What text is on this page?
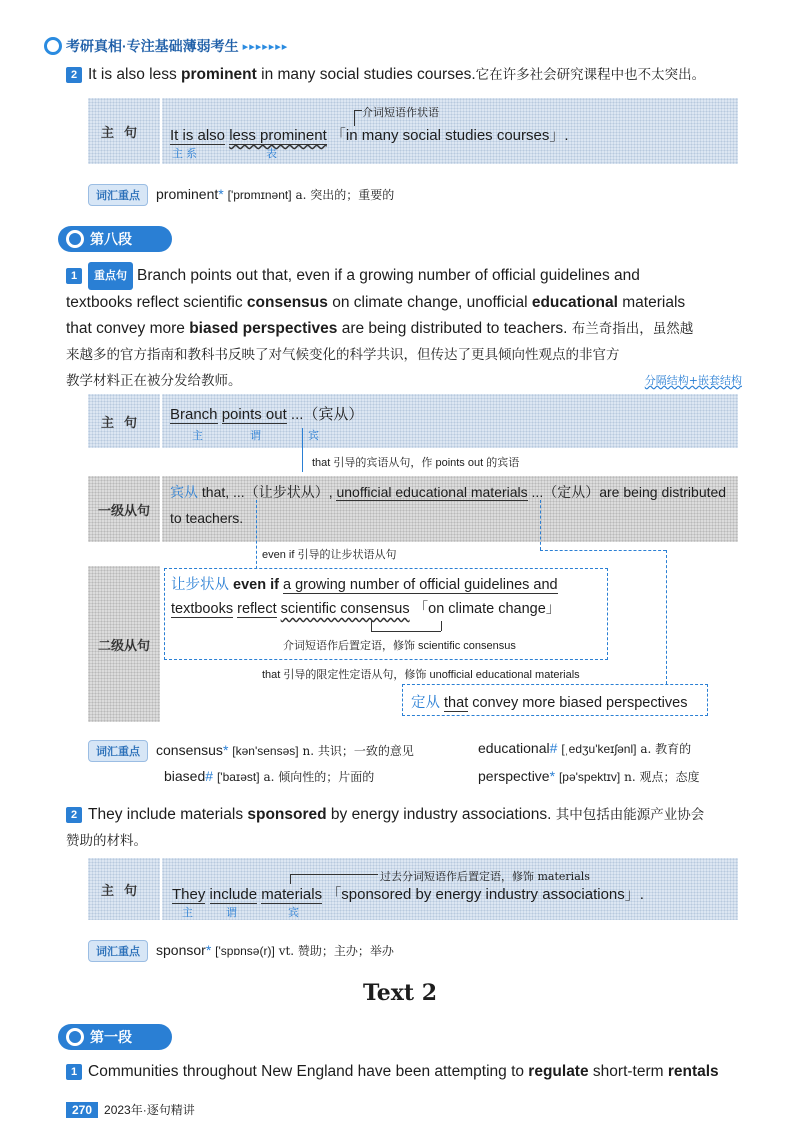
考研真相·专注基础薄弱考生 ▸▸▸▸▸▸▸
2 It is also less prominent in many social studies courses.它在许多社会研究课程中也不太突出。
主句
介词短语作状语
It is also less prominent 「in many social studies courses」.
主 系	表
词汇重点 prominent* ['prɒmɪnənt] a. 突出的；重要的
第八段
1 重点句 Branch points out that, even if a growing number of official guidelines and
textbooks reflect scientific consensus on climate change, unofficial educational materials
that convey more biased perspectives are being distributed to teachers. 布兰奇指出，虽然越
来越多的官方指南和教科书反映了对气候变化的科学共识，但传达了更具倾向性观点的非官方
教学材料正在被分发给教师。	分隔结构+嵌套结构
主句	Branch points out ...（宾从）
主	谓	宾
that 引导的宾语从句，作 points out 的宾语
一级从句
宾从 that, ...（让步状从）, unofficial educational materials ...（定从）are being distributed
to teachers.
even if 引导的让步状语从句
二级从句
让步状从 even if a growing number of official guidelines and
textbooks reflect scientific consensus 「on climate change」
介词短语作后置定语，修饰 scientific consensus
that 引导的限定性定语从句，修饰 unofficial educational materials
定从 that convey more biased perspectives
词汇重点 consensus* [kən'sensəs] n. 共识；一致的意见	educational# [ˌedʒu'keɪʃənl] a. 教育的
biased# ['baɪəst] a. 倾向性的；片面的	perspective* [pə'spektɪv] n. 观点；态度
2 They include materials sponsored by energy industry associations. 其中包括由能源产业协会
赞助的材料。
主句
过去分词短语作后置定语，修饰 materials
They include materials 「sponsored by energy industry associations」.
主	谓	宾
词汇重点 sponsor* ['spɒnsə(r)] vt. 赞助；主办；举办
Text 2
第一段
1 Communities throughout New England have been attempting to regulate short-term rentals
270	2023年·逐句精讲
